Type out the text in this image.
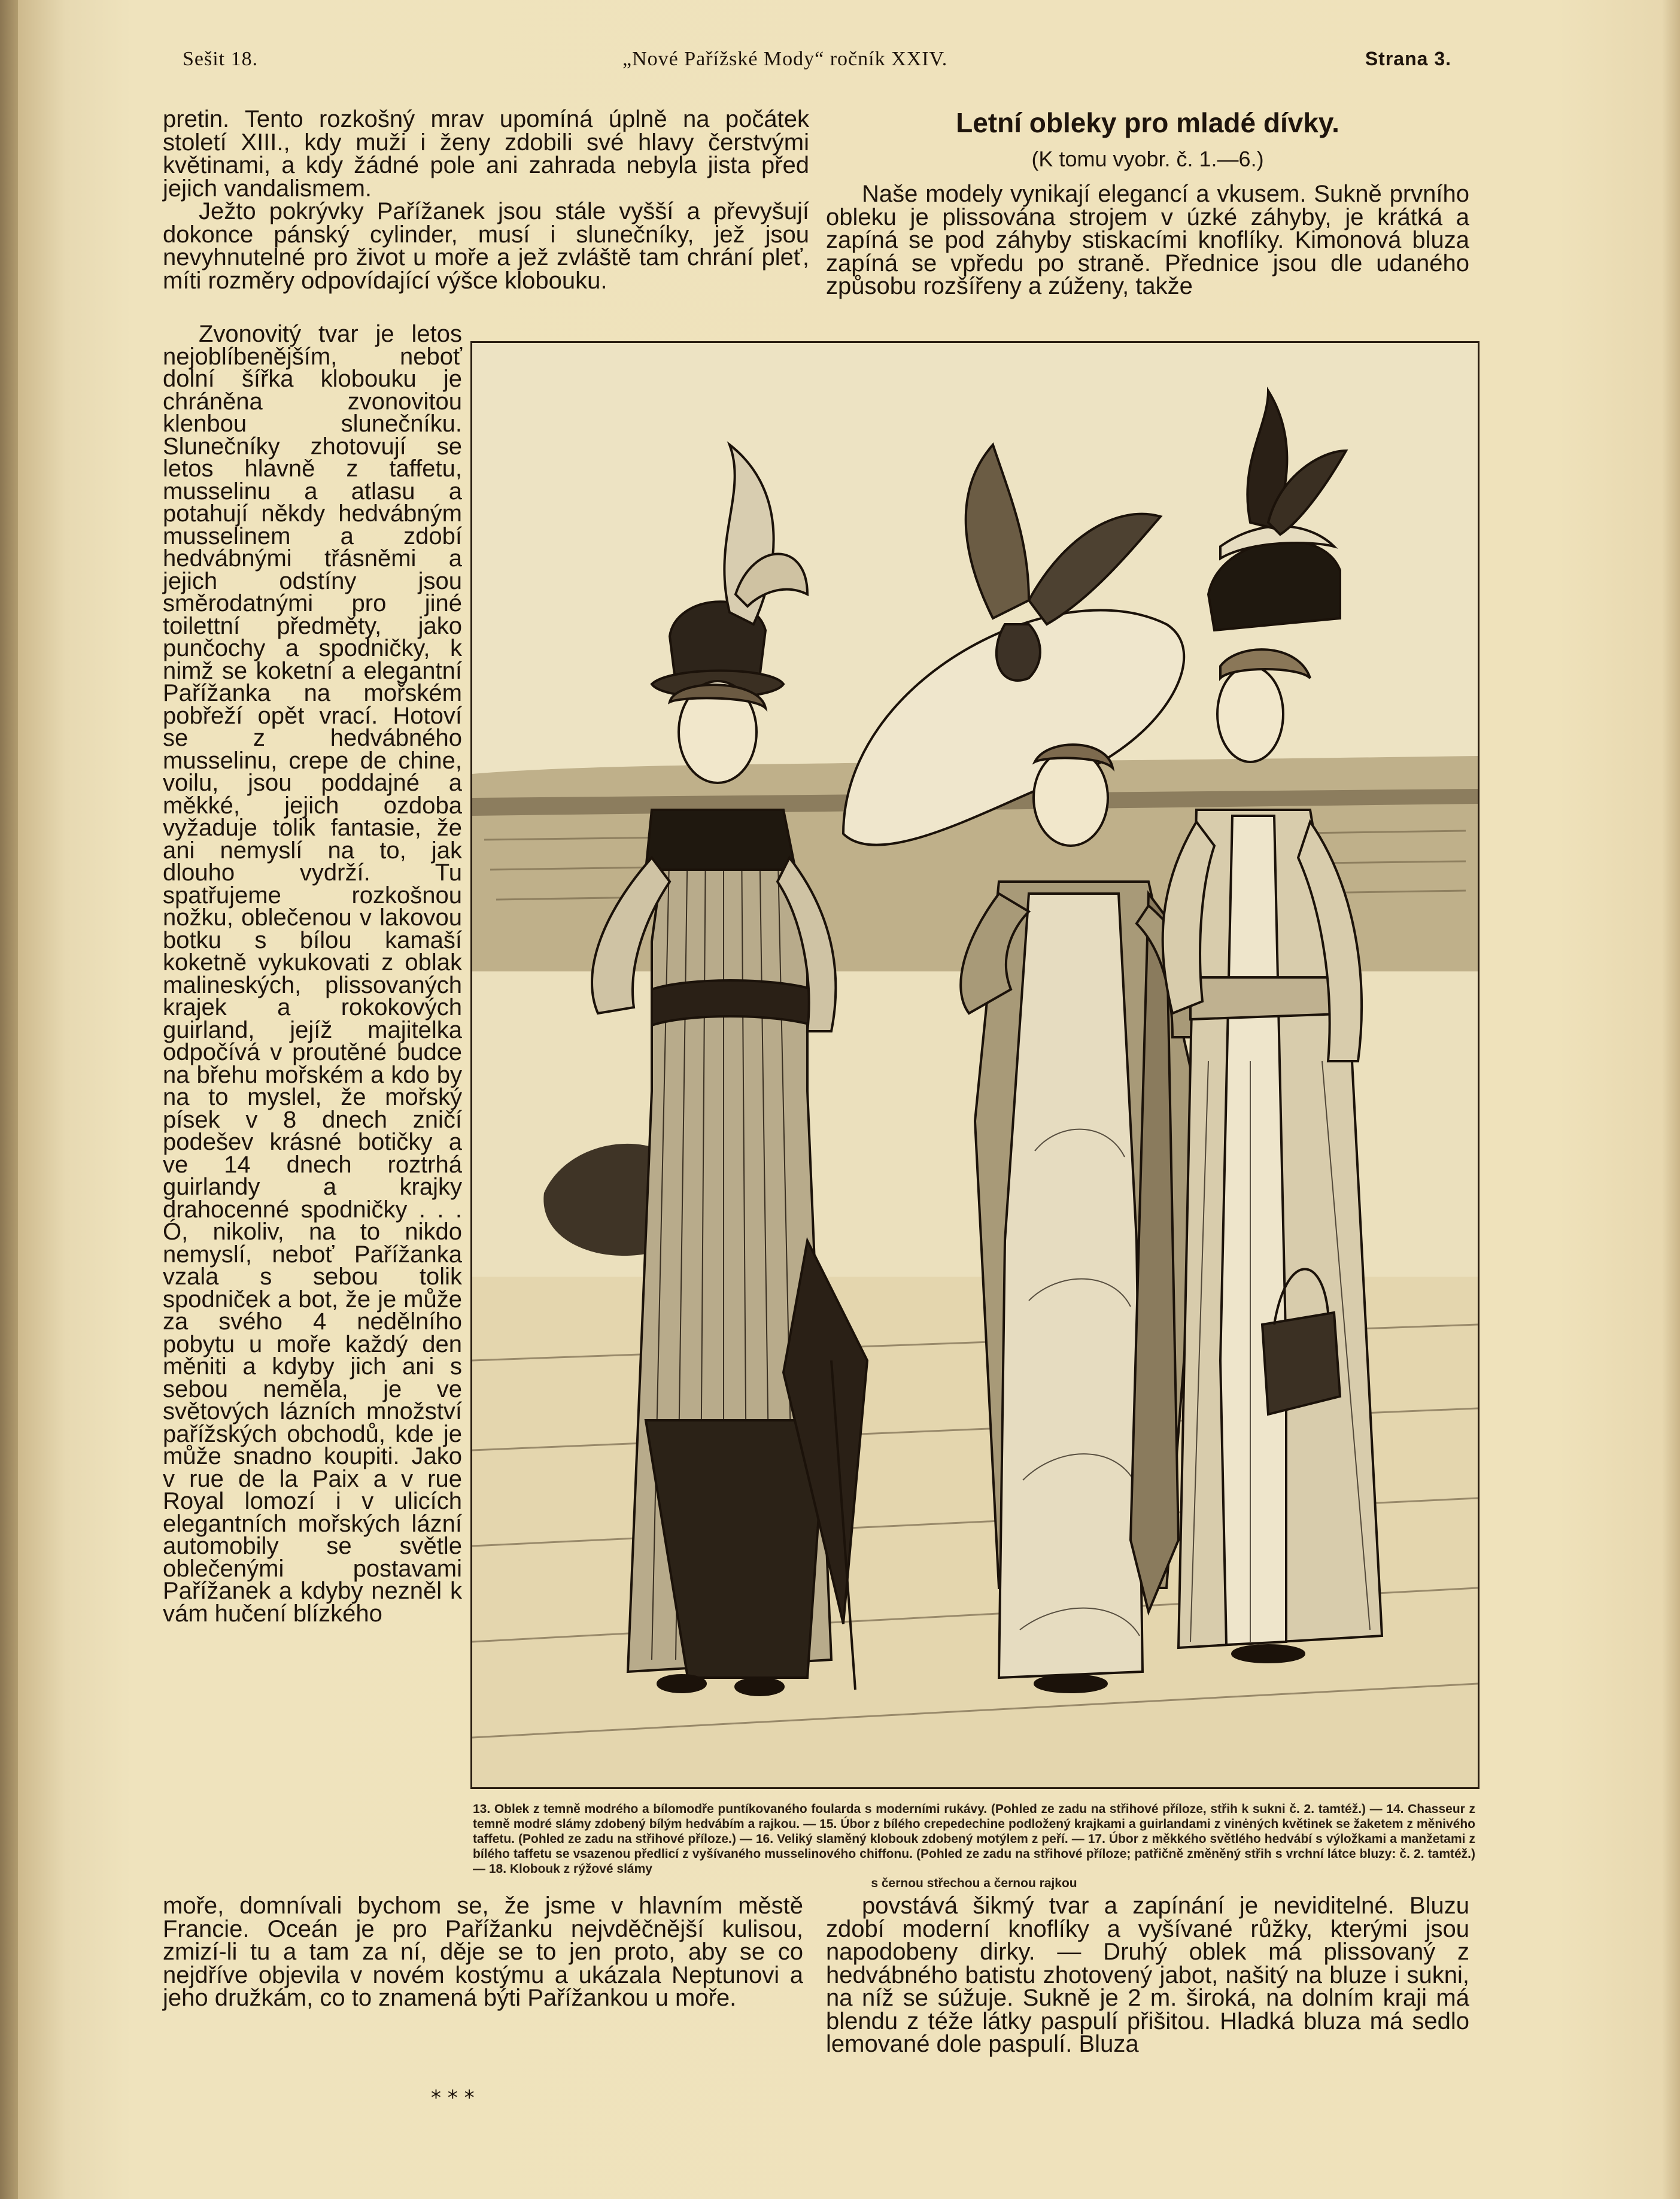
Sešit 18.	„Nové Pařížské Mody“ ročník XXIV.	Strana 3.

pretin. Tento rozkošný mrav upomíná úplně na počátek století XIII., kdy muži i ženy zdobili své hlavy čerstvými květinami, a kdy žádné pole ani zahrada nebyla jista před jejich vandalismem.

Ježto pokrývky Pařížanek jsou stále vyšší a převyšují dokonce pánský cylinder, musí i slunečníky, jež jsou nevyhnutelné pro život u moře a jež zvláště tam chrání pleť, míti rozměry odpovídající výšce klobouku.

Zvonovitý tvar je letos nejoblíbenějším, neboť dolní šířka klobouku je chráněna zvonovitou klenbou slunečníku. Slunečníky zhotovují se letos hlavně z taffetu, musselinu a atlasu a potahují někdy hedvábným musselinem a zdobí hedvábnými třásněmi a jejich odstíny jsou směrodatnými pro jiné toilettní předměty, jako punčochy a spodničky, k nimž se koketní a elegantní Pařížanka na mořském pobřeží opět vrací. Hotoví se z hedvábného musselinu, crepe de chine, voilu, jsou poddajné a měkké, jejich ozdoba vyžaduje tolik fantasie, že ani nemyslí na to, jak dlouho vydrží. Tu spatřujeme rozkošnou nožku, oblečenou v lakovou botku s bílou kamaší koketně vykukovati z oblak malineských, plissovaných krajek a rokokových guirland, jejíž majitelka odpočívá v proutěné budce na břehu mořském a kdo by na to myslel, že mořský písek v 8 dnech zničí podešev krásné botičky a ve 14 dnech roztrhá guirlandy a krajky drahocenné spodničky . . . Ó, nikoliv, na to nikdo nemyslí, neboť Pařížanka vzala s sebou tolik spodniček a bot, že je může za svého 4 nedělního pobytu u moře každý den měniti a kdyby jich ani s sebou neměla, je ve světových lázních množství pařížských obchodů, kde je může snadno koupiti. Jako v rue de la Paix a v rue Royal lomozí i v ulicích elegantních mořských lázní automobily se světle oblečenými postavami Pařížanek a kdyby nezněl k vám hučení blízkého

moře, domnívali bychom se, že jsme v hlavním městě Francie. Oceán je pro Pařížanku nejvděčnější kulisou, zmizí-li tu a tam za ní, děje se to jen proto, aby se co nejdříve objevila v novém kostýmu a ukázala Neptunovi a jeho družkám, co to znamená býti Pařížankou u moře.

Letní obleky pro mladé dívky.
(K tomu vyobr. č. 1.—6.)

Naše modely vynikají elegancí a vkusem. Sukně prvního obleku je plissována strojem v úzké záhyby, je krátká a zapíná se pod záhyby stiskacími knoflíky. Kimonová bluza zapíná se vpředu po straně. Přednice jsou dle udaného způsobu rozšířeny a zúženy, takže

13. Oblek z temně modrého a bílomodře puntíkovaného foularda s moderními rukávy. (Pohled ze zadu na střihové příloze, střih k sukni č. 2. tamtéž.) — 14. Chasseur z temně modré slámy zdobený bílým hedvábím a rajkou. — 15. Úbor z bílého crepedechine podložený krajkami a guirlandami z vinėných květinek se žaketem z měnivého taffetu. (Pohled ze zadu na střihové příloze.) — 16. Veliký slaměný klobouk zdobený motýlem z peří. — 17. Úbor z měkkého světlého hedvábí s výložkami a manžetami z bílého taffetu se vsazenou předlicí z vyšívaného musselinového chiffonu. (Pohled ze zadu na střihové příloze; patřičně změněný střih s vrchní látce bluzy: č. 2. tamtéž.) — 18. Klobouk z rýžové slámy
s černou střechou a černou rajkou

povstává šikmý tvar a zapínání je neviditelné. Bluzu zdobí moderní knoflíky a vyšívané růžky, kterými jsou napodobeny dirky. — Druhý oblek má plissovaný z hedvábného batistu zhotovený jabot, našitý na bluze i sukni, na níž se súžuje. Sukně je 2 m. široká, na dolním kraji má blendu z téže látky paspulí přišitou. Hladká bluza má sedlo lemované dole paspulí. Bluza

* * *
